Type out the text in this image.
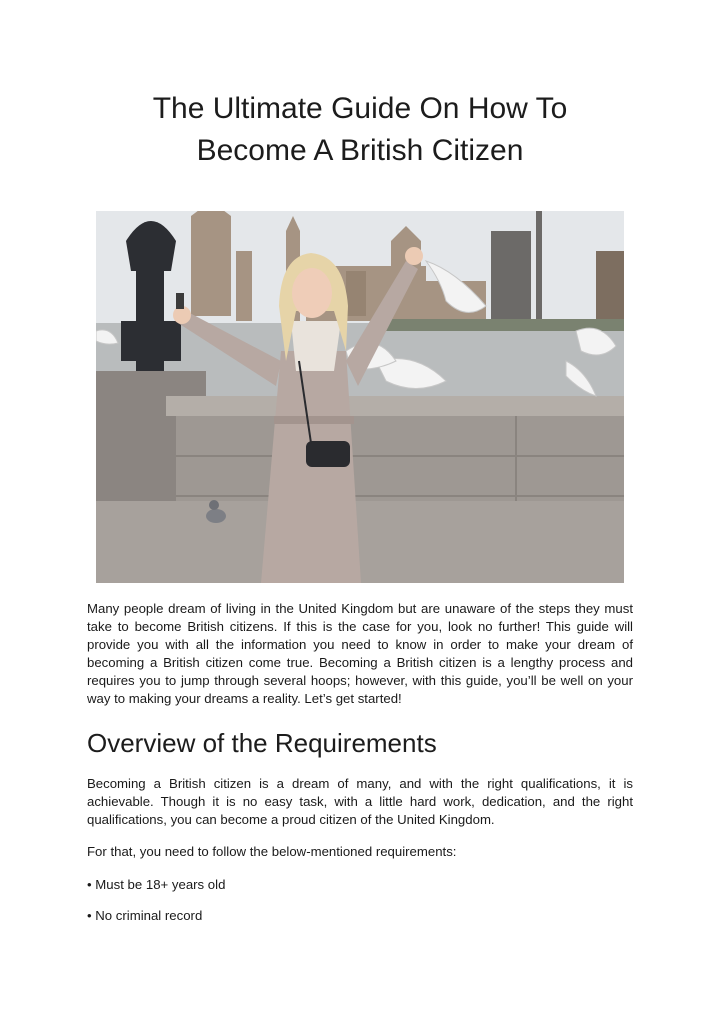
The Ultimate Guide On How To
Become A British Citizen

Many people dream of living in the United Kingdom but are unaware of the steps they must take to become British citizens. If this is the case for you, look no further! This guide will provide you with all the information you need to know in order to make your dream of becoming a British citizen come true. Becoming a British citizen is a lengthy process and requires you to jump through several hoops; however, with this guide, you’ll be well on your way to making your dreams a reality. Let’s get started!

Overview of the Requirements

Becoming a British citizen is a dream of many, and with the right qualifications, it is achievable. Though it is no easy task, with a little hard work, dedication, and the right qualifications, you can become a proud citizen of the United Kingdom.

For that, you need to follow the below-mentioned requirements:

• Must be 18+ years old

• No criminal record
